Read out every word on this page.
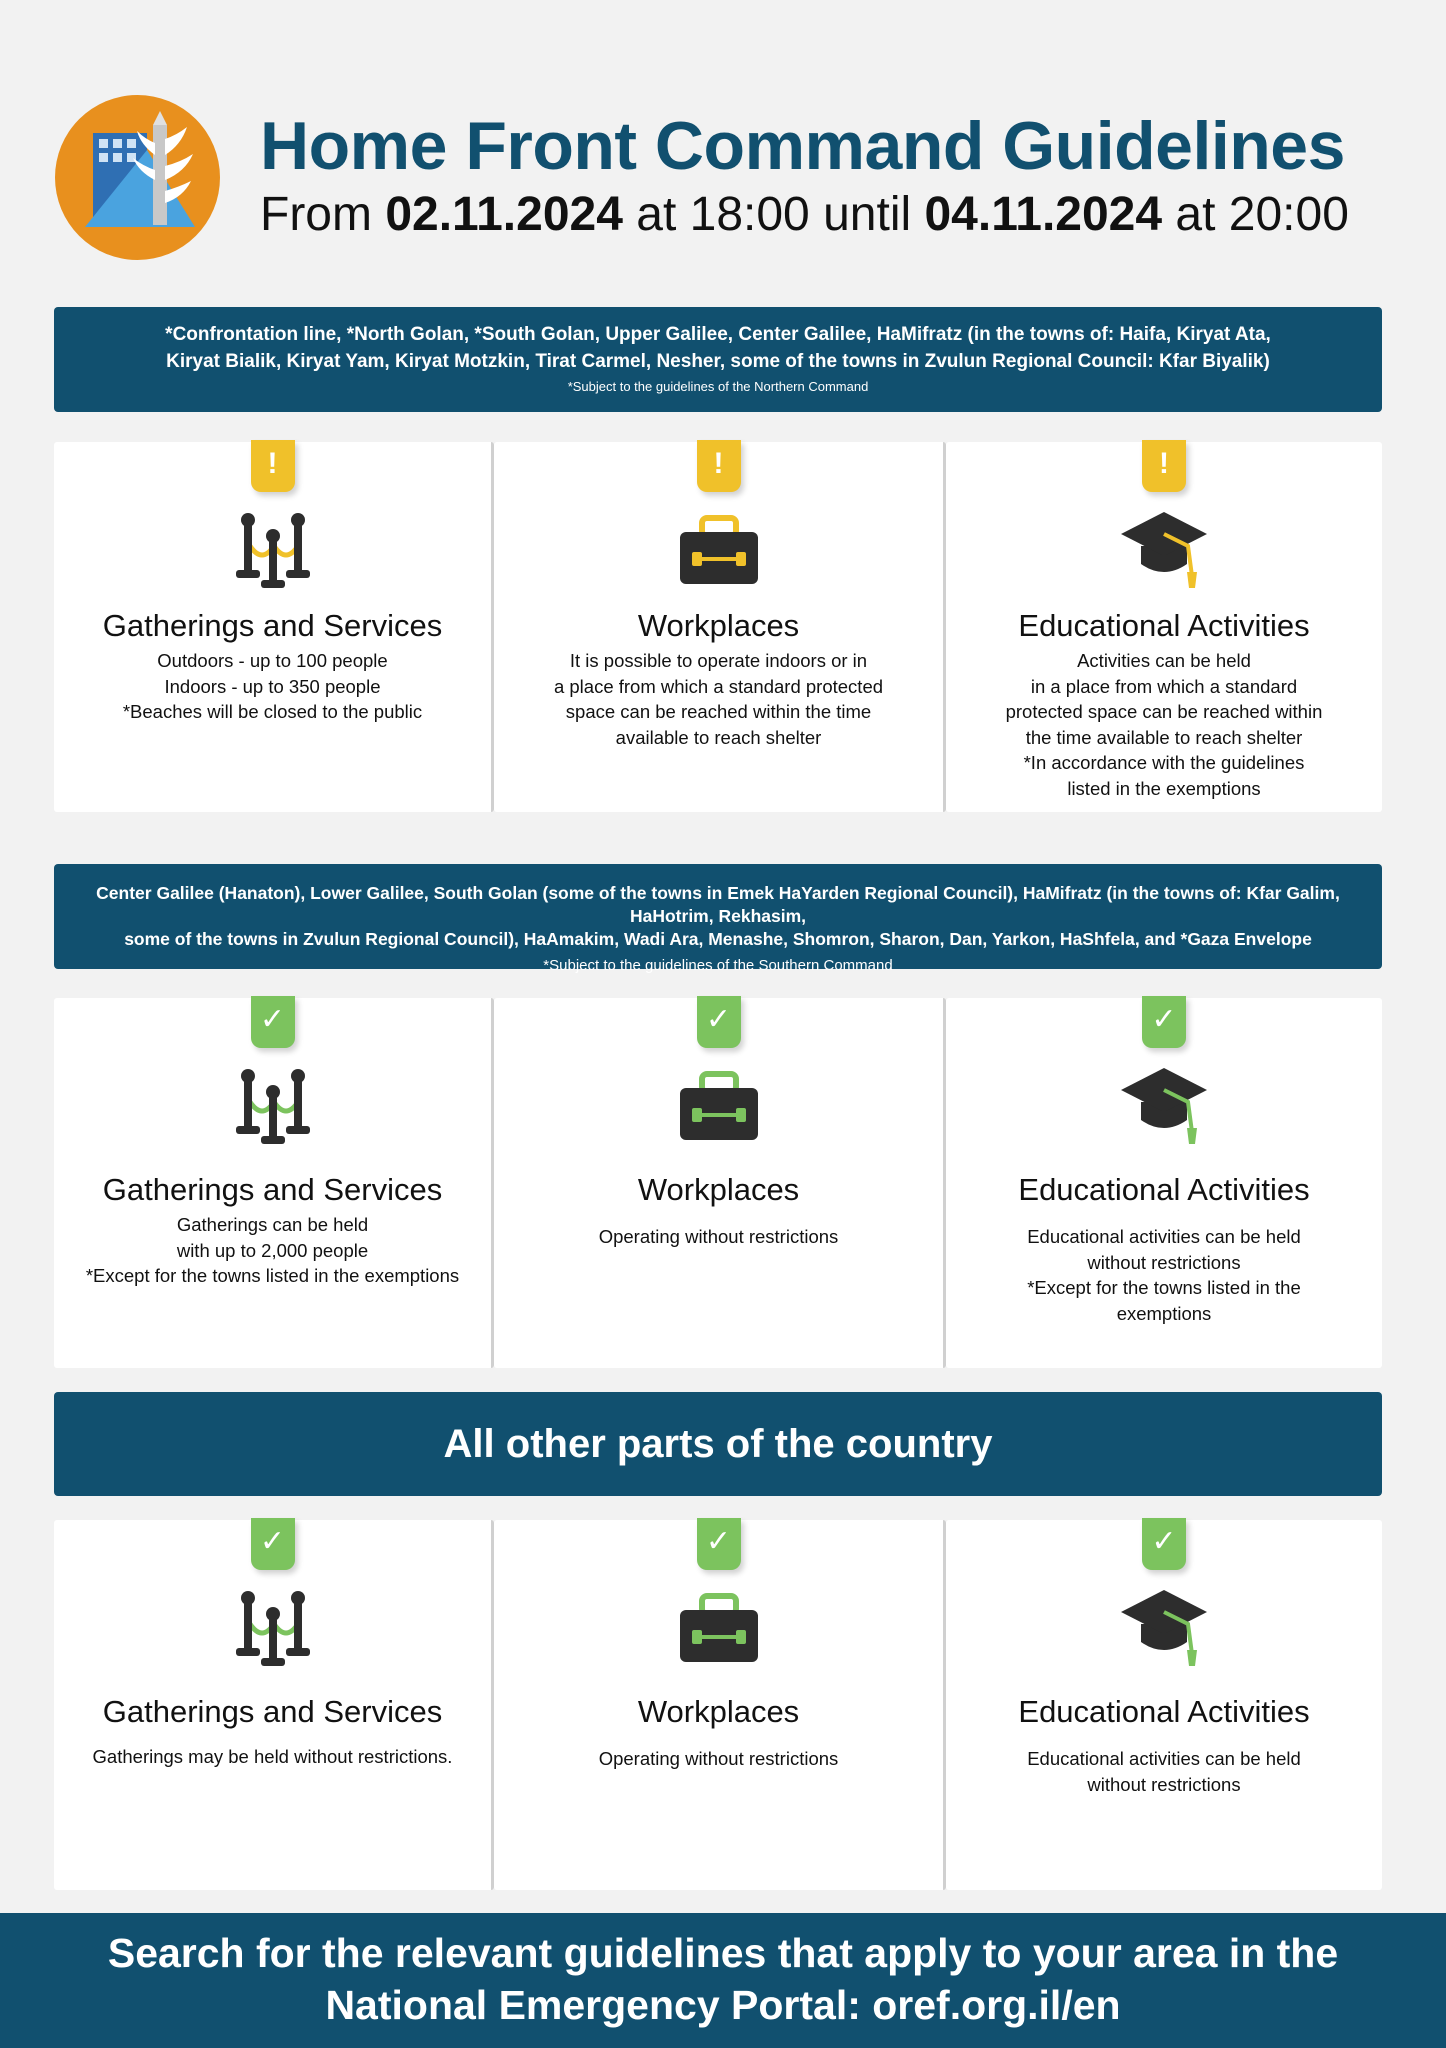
Home Front Command Guidelines
From 02.11.2024 at 18:00 until 04.11.2024 at 20:00
*Confrontation line, *North Golan, *South Golan, Upper Galilee, Center Galilee, HaMifratz (in the towns of: Haifa, Kiryat Ata,
Kiryat Bialik, Kiryat Yam, Kiryat Motzkin, Tirat Carmel, Nesher, some of the towns in Zvulun Regional Council: Kfar Biyalik)
*Subject to the guidelines of the Northern Command
!
Gatherings and Services
Outdoors - up to 100 people
Indoors - up to 350 people
*Beaches will be closed to the public
!
Workplaces
It is possible to operate indoors or in
a place from which a standard protected
space can be reached within the time
available to reach shelter
!
Educational Activities
Activities can be held
in a place from which a standard
protected space can be reached within
the time available to reach shelter
*In accordance with the guidelines
listed in the exemptions
Center Galilee (Hanaton), Lower Galilee, South Golan (some of the towns in Emek HaYarden Regional Council), HaMifratz (in the towns of: Kfar Galim, HaHotrim, Rekhasim,
some of the towns in Zvulun Regional Council), HaAmakim, Wadi Ara, Menashe, Shomron, Sharon, Dan, Yarkon, HaShfela, and *Gaza Envelope
*Subject to the guidelines of the Southern Command
✓
Gatherings and Services
Gatherings can be held
with up to 2,000 people
*Except for the towns listed in the exemptions
✓
Workplaces
Operating without restrictions
✓
Educational Activities
Educational activities can be held
without restrictions
*Except for the towns listed in the
exemptions
All other parts of the country
✓
Gatherings and Services
Gatherings may be held without restrictions.
✓
Workplaces
Operating without restrictions
✓
Educational Activities
Educational activities can be held
without restrictions
Search for the relevant guidelines that apply to your area in the
National Emergency Portal: oref.org.il/en
